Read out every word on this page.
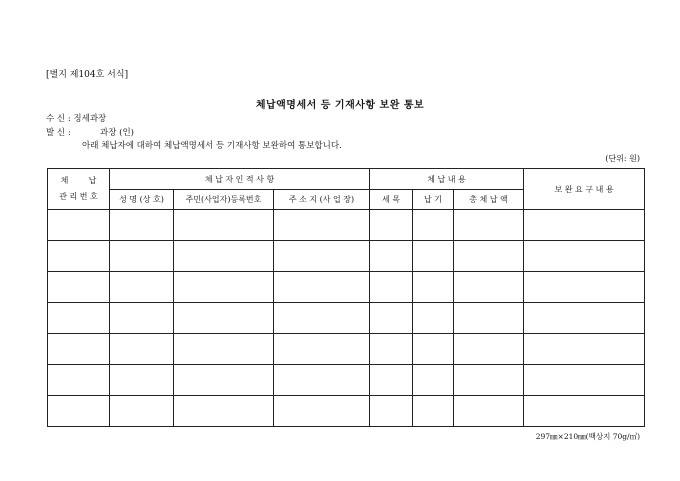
[별지 제104호 서식]
체납액명세서 등 기재사항 보완 통보
수 신 : 징세과장
발 신 :	과장 (인)
아래 체납자에 대하여 체납액명세서 등 기재사항 보완하여 통보합니다.
(단위: 원)
체        납
관 리 번 호	체 납 자 인 적 사 항			체 납 내 용			보 완 요 구 내 용
	성 명 (상 호)	주민(사업자)등록번호	주 소 지 (사 업 장)	세 목	납 기	총 체 납 액	

297㎜×210㎜(백상지 70g/㎡)
